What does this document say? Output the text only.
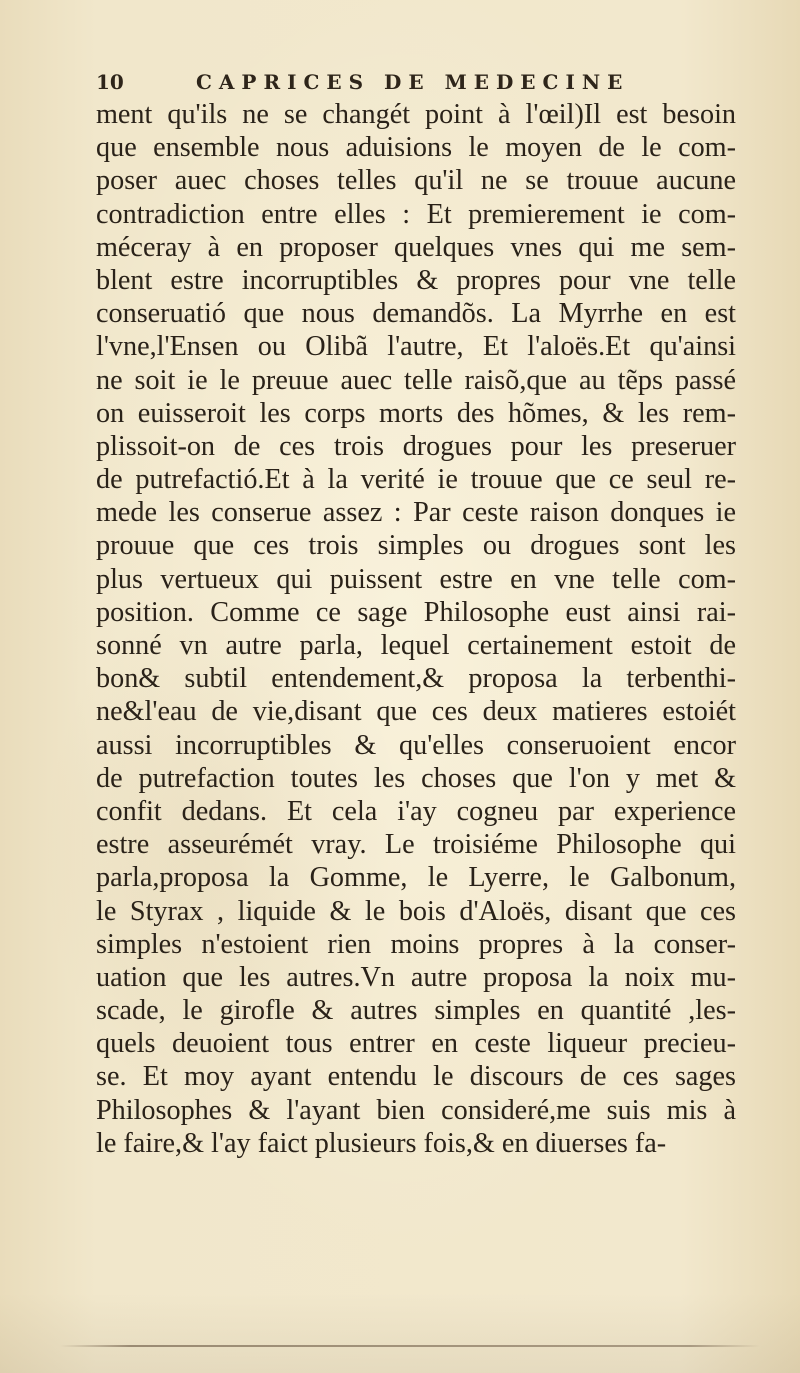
10	CAPRICES DE MEDECINE
ment qu'ils ne se changét point à l'œil)Il est besoin
que ensemble nous aduisions le moyen de le com-
poser auec choses telles qu'il ne se trouue aucune
contradiction entre elles : Et premierement ie com-
méceray à en proposer quelques vnes qui me sem-
blent estre incorruptibles & propres pour vne telle
conseruatió que nous demandõs. La Myrrhe en est
l'vne,l'Ensen ou Olibã l'autre, Et l'aloës.Et qu'ainsi
ne soit ie le preuue auec telle raisõ,que au tẽps passé
on euisseroit les corps morts des hõmes, & les rem-
plissoit-on de ces trois drogues pour les preseruer
de putrefactió.Et à la verité ie trouue que ce seul re-
mede les conserue assez : Par ceste raison donques ie
prouue que ces trois simples ou drogues sont les
plus vertueux qui puissent estre en vne telle com-
position. Comme ce sage Philosophe eust ainsi rai-
sonné vn autre parla, lequel certainement estoit de
bon& subtil entendement,& proposa la terbenthi-
ne&l'eau de vie,disant que ces deux matieres estoiét
aussi incorruptibles & qu'elles conseruoient encor
de putrefaction toutes les choses que l'on y met &
confit dedans. Et cela i'ay cogneu par experience
estre asseurémét vray. Le troisiéme Philosophe qui
parla,proposa la Gomme, le Lyerre, le Galbonum,
le Styrax , liquide & le bois d'Aloës, disant que ces
simples n'estoient rien moins propres à la conser-
uation que les autres.Vn autre proposa la noix mu-
scade, le girofle & autres simples en quantité ,les-
quels deuoient tous entrer en ceste liqueur precieu-
se. Et moy ayant entendu le discours de ces sages
Philosophes & l'ayant bien consideré,me suis mis à
le faire,& l'ay faict plusieurs fois,& en diuerses fa-
